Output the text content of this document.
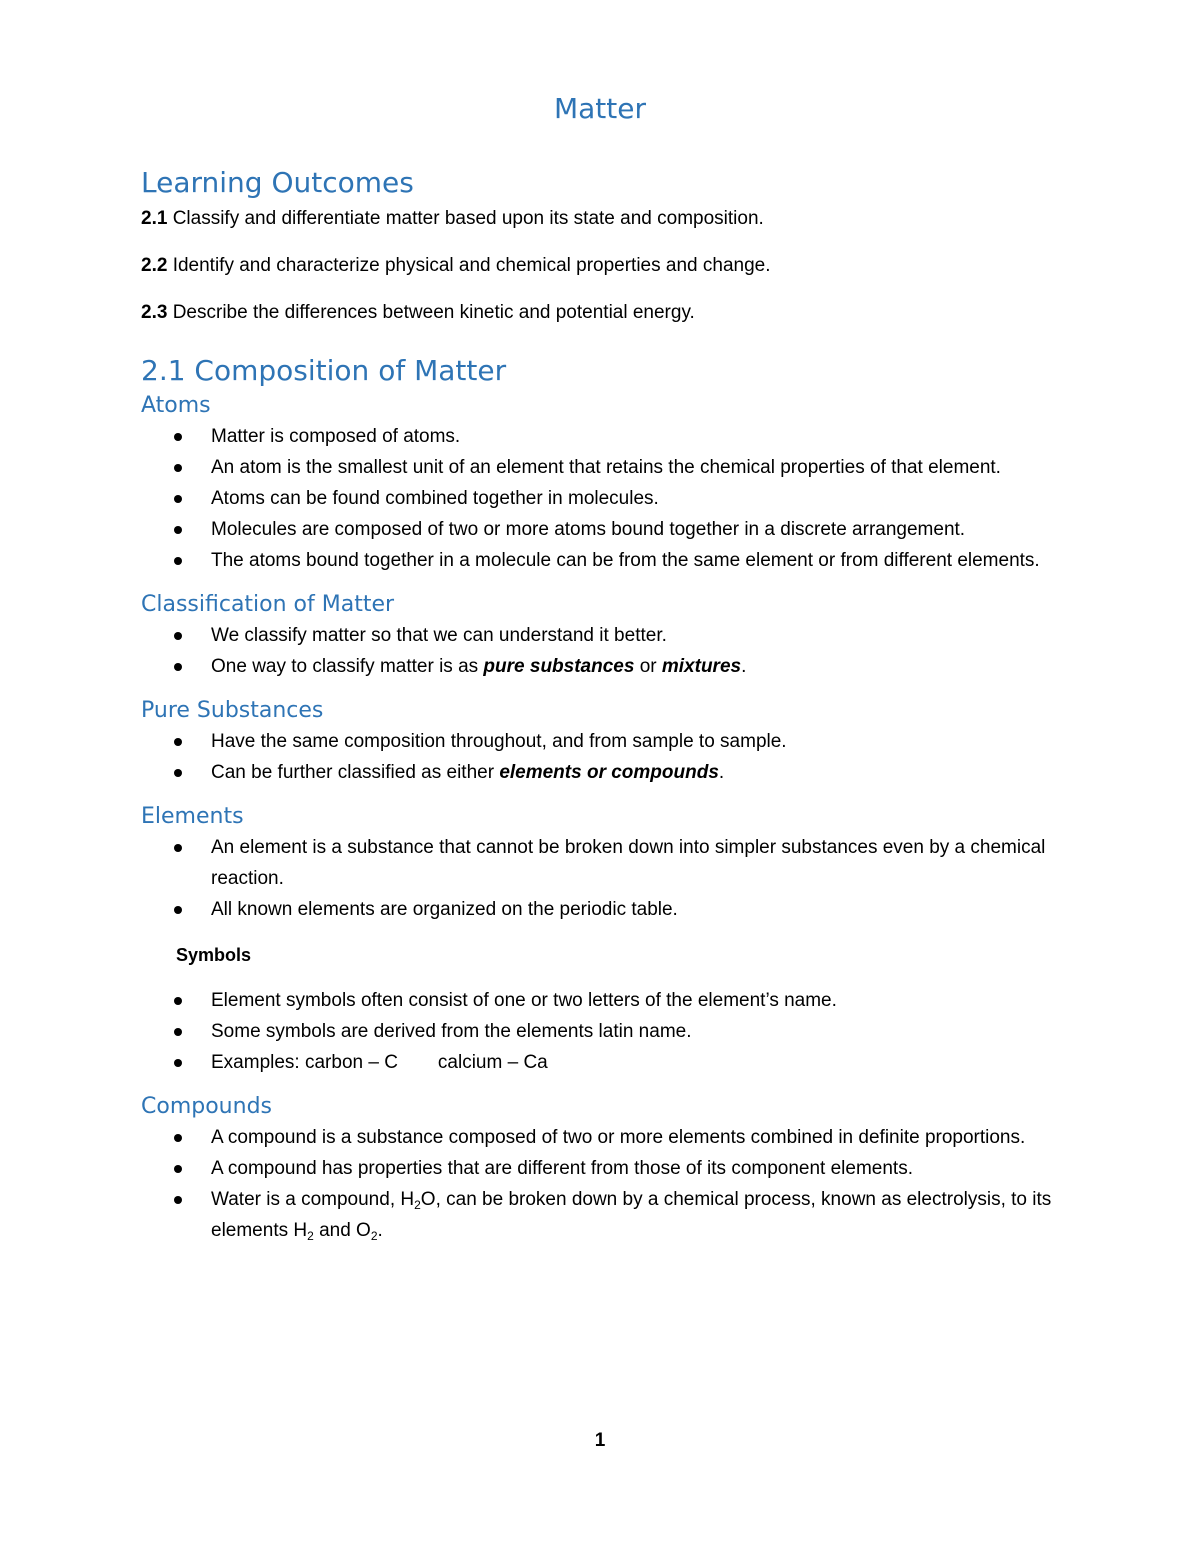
Matter
Learning Outcomes

2.1 Classify and differentiate matter based upon its state and composition.

2.2 Identify and characterize physical and chemical properties and change.

2.3 Describe the differences between kinetic and potential energy.

2.1 Composition of Matter
Atoms
Matter is composed of atoms.
An atom is the smallest unit of an element that retains the chemical properties of that element.
Atoms can be found combined together in molecules.
Molecules are composed of two or more atoms bound together in a discrete arrangement.
The atoms bound together in a molecule can be from the same element or from different elements.
Classification of Matter
We classify matter so that we can understand it better.
One way to classify matter is as pure substances or mixtures.
Pure Substances
Have the same composition throughout, and from sample to sample.
Can be further classified as either elements or compounds.
Elements
An element is a substance that cannot be broken down into simpler substances even by a chemical reaction.
All known elements are organized on the periodic table.

Symbols

Element symbols often consist of one or two letters of the element’s name.
Some symbols are derived from the elements latin name.
Examples: carbon – C calcium – Ca
Compounds
A compound is a substance composed of two or more elements combined in definite proportions.
A compound has properties that are different from those of its component elements.
Water is a compound, $H_2O$, can be broken down by a chemical process, known as electrolysis, to its elements $H_2$ and $O_2$.
1
